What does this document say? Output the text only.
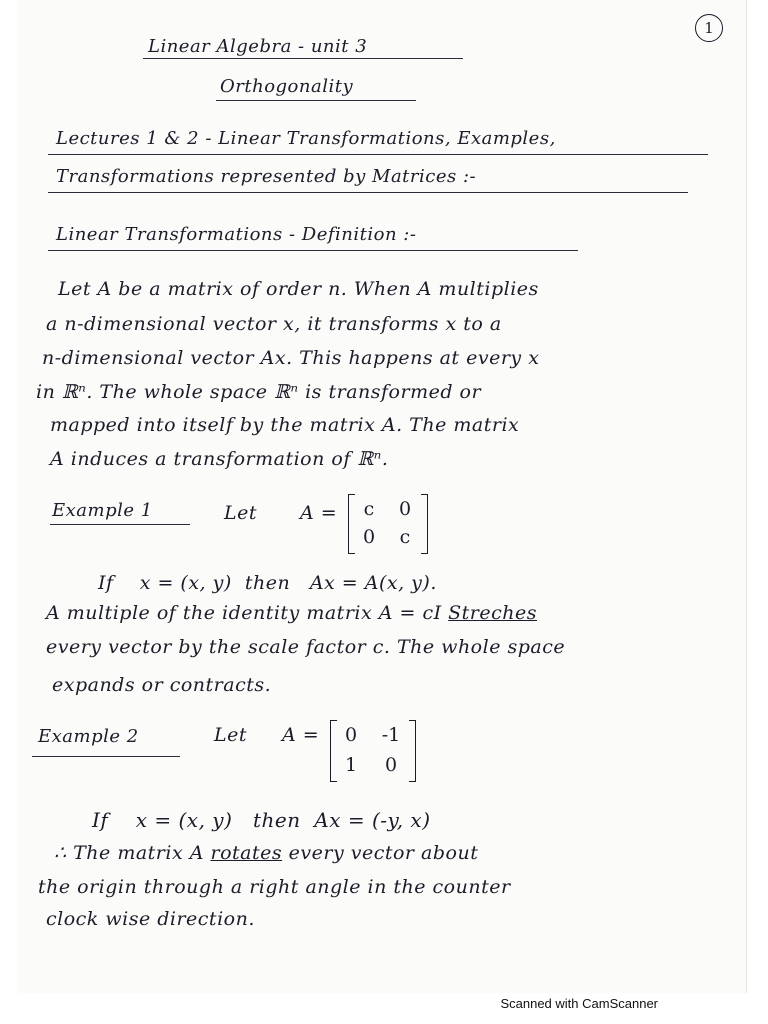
1
Linear Algebra - unit 3
Orthogonality
Lectures 1 & 2 - Linear Transformations, Examples,
Transformations represented by Matrices :-
Linear Transformations - Definition :-
Let A be a matrix of order n. When A multiplies
a n-dimensional vector x, it transforms x to a
n-dimensional vector Ax. This happens at every x
in ℝⁿ. The whole space ℝⁿ is transformed or
mapped into itself by the matrix A. The matrix
A induces a transformation of ℝⁿ.
Example 1	Let A =	c	0
0	c
If    x = (x, y)  then   Ax = A(x, y).
A multiple of the identity matrix A = cI Streches
every vector by the scale factor c. The whole space
expands or contracts.
Example 2	Let A =	0	-1
1	0
If    x = (x, y)   then  Ax = (-y, x)
∴ The matrix A rotates every vector about
the origin through a right angle in the counter
clock wise direction.
Scanned with CamScanner
